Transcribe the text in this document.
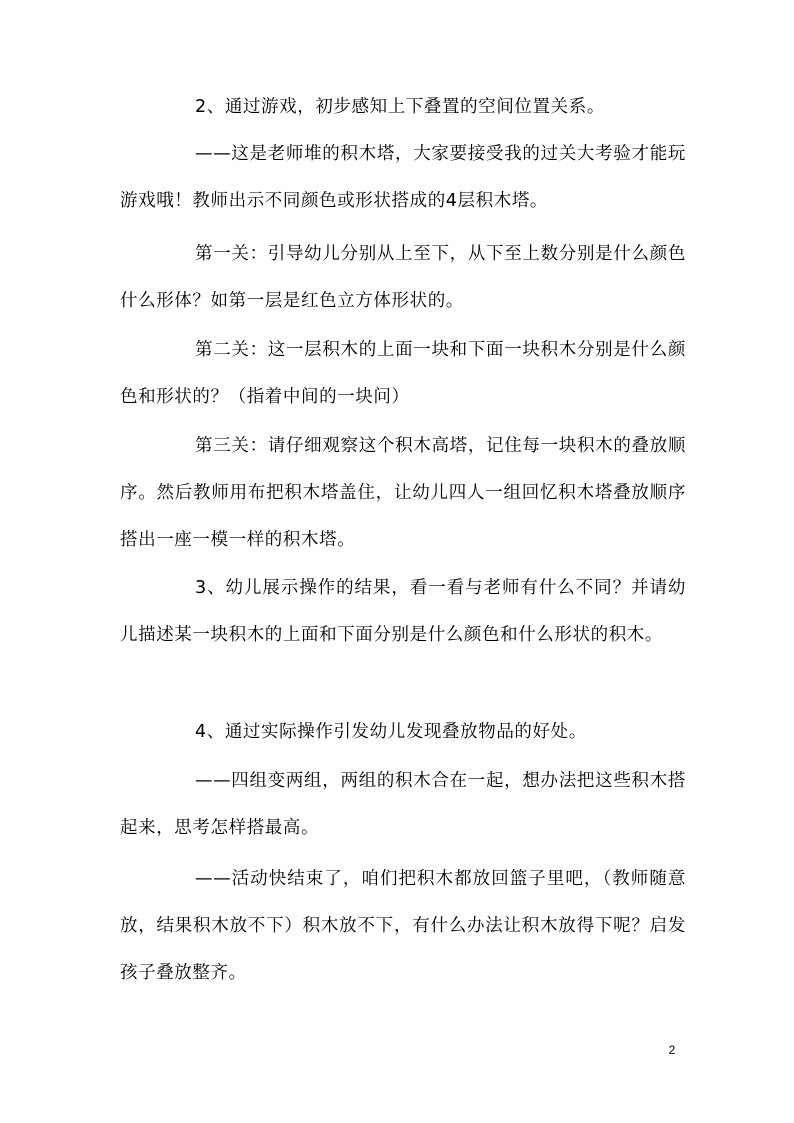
2、通过游戏，初步感知上下叠置的空间位置关系。

——这是老师堆的积木塔，大家要接受我的过关大考验才能玩游戏哦！教师出示不同颜色或形状搭成的4层积木塔。

第一关：引导幼儿分别从上至下，从下至上数分别是什么颜色什么形体？如第一层是红色立方体形状的。

第二关：这一层积木的上面一块和下面一块积木分别是什么颜色和形状的？（指着中间的一块问）

第三关：请仔细观察这个积木高塔，记住每一块积木的叠放顺序。然后教师用布把积木塔盖住，让幼儿四人一组回忆积木塔叠放顺序搭出一座一模一样的积木塔。

3、幼儿展示操作的结果，看一看与老师有什么不同？并请幼儿描述某一块积木的上面和下面分别是什么颜色和什么形状的积木。

4、通过实际操作引发幼儿发现叠放物品的好处。

——四组变两组，两组的积木合在一起，想办法把这些积木搭起来，思考怎样搭最高。

——活动快结束了，咱们把积木都放回篮子里吧，（教师随意放，结果积木放不下）积木放不下，有什么办法让积木放得下呢？启发孩子叠放整齐。

2
